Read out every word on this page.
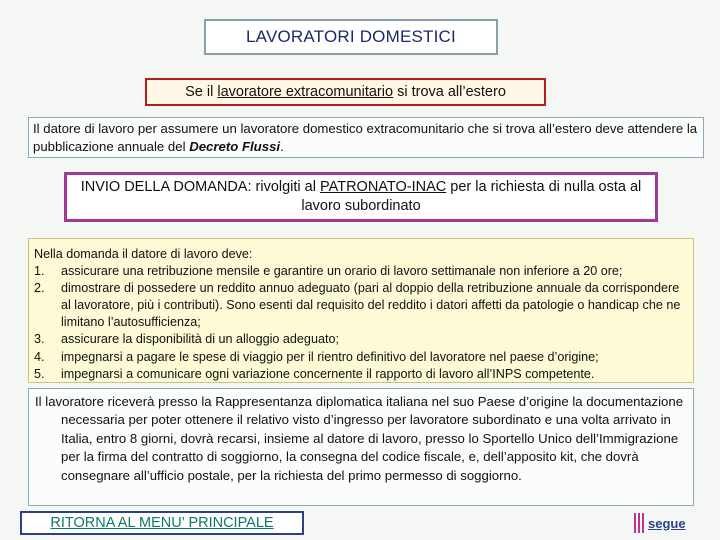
LAVORATORI DOMESTICI
Se il lavoratore extracomunitario si trova all’estero
Il datore di lavoro per assumere un lavoratore domestico extracomunitario che si trova all’estero deve attendere la pubblicazione annuale del Decreto Flussi.
INVIO DELLA DOMANDA: rivolgiti al PATRONATO-INAC per la richiesta di nulla osta al lavoro subordinato
Nella domanda il datore di lavoro deve:
1. assicurare una retribuzione mensile e garantire un orario di lavoro settimanale non inferiore a 20 ore;
2. dimostrare di possedere un reddito annuo adeguato (pari al doppio della retribuzione annuale da corrispondere al lavoratore, più i contributi). Sono esenti dal requisito del reddito i datori affetti da patologie o handicap che ne limitano l’autosufficienza;
3. assicurare la disponibilità di un alloggio adeguato;
4. impegnarsi a pagare le spese di viaggio per il rientro definitivo del lavoratore nel paese d’origine;
5. impegnarsi a comunicare ogni variazione concernente il rapporto di lavoro all’INPS competente.

Il lavoratore riceverà presso la Rappresentanza diplomatica italiana nel suo Paese d’origine la documentazione necessaria per poter ottenere il relativo visto d’ingresso per lavoratore subordinato e una volta arrivato in Italia, entro 8 giorni, dovrà recarsi, insieme al datore di lavoro, presso lo Sportello Unico dell’Immigrazione per la firma del contratto di soggiorno, la consegna del codice fiscale, e, dell’apposito kit, che dovrà consegnare all’ufficio postale, per la richiesta del primo permesso di soggiorno.

RITORNA AL MENU’ PRINCIPALE	segue
